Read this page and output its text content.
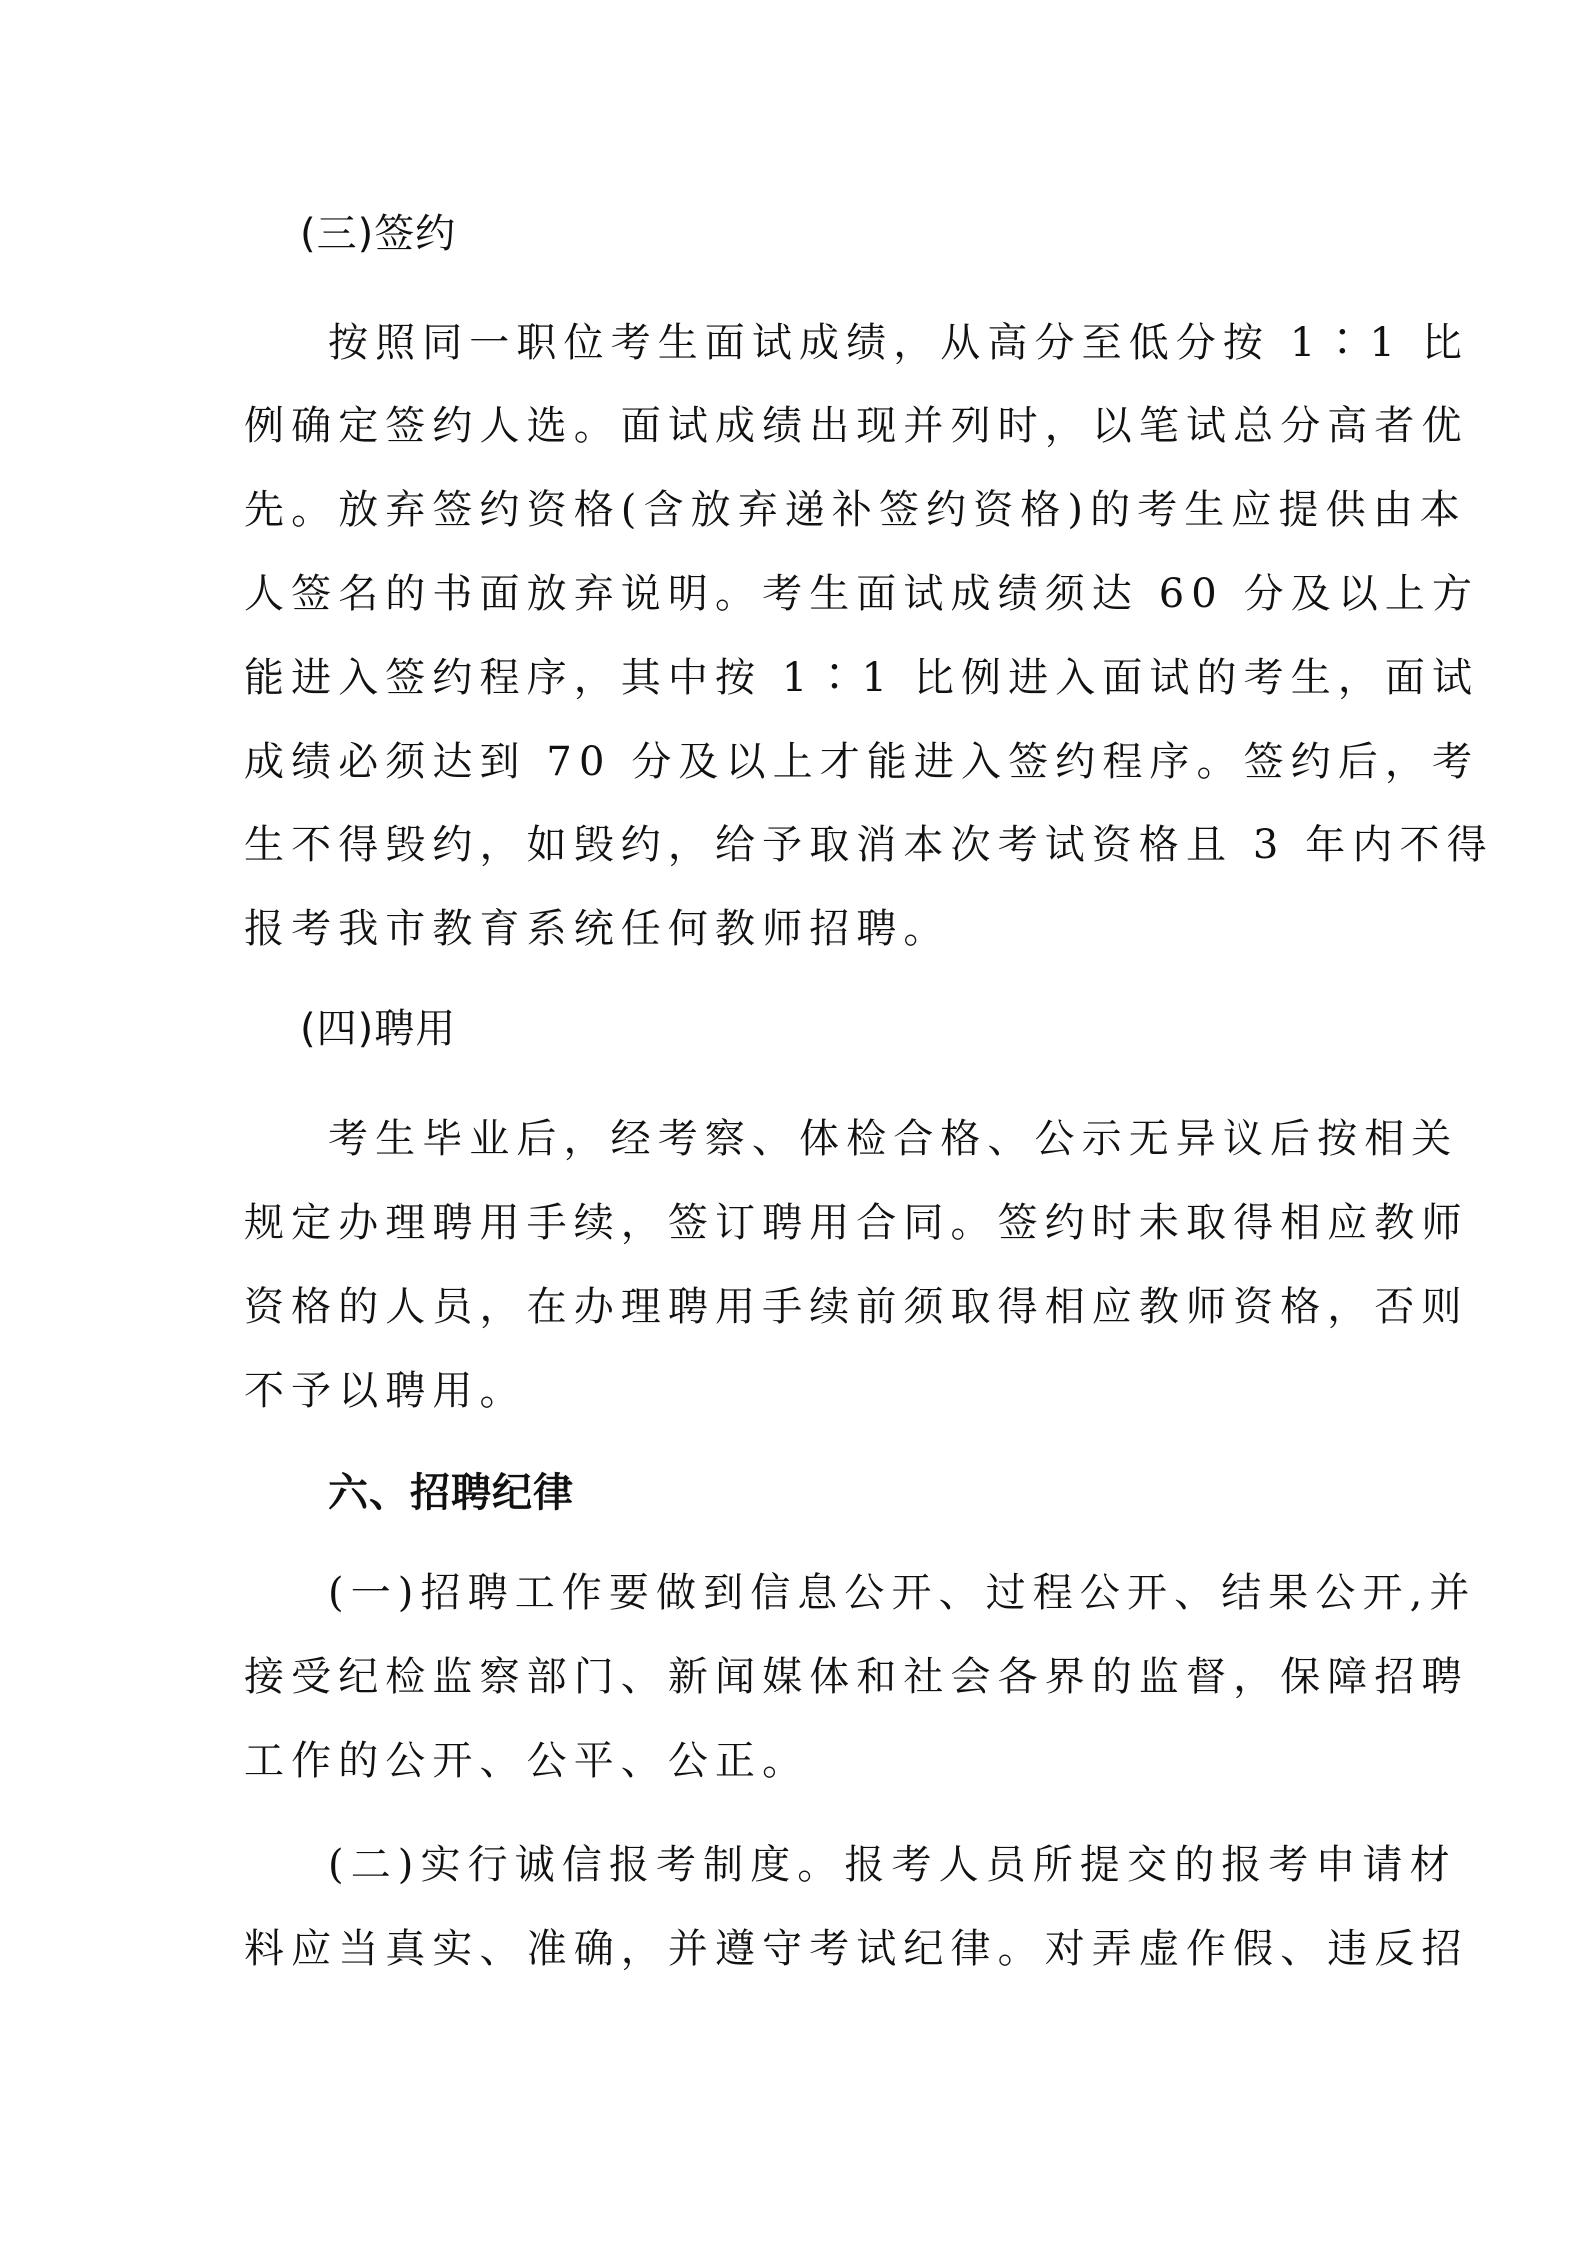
(三)签约

按照同一职位考生面试成绩，从高分至低分按 1∶1 比

例确定签约人选。面试成绩出现并列时，以笔试总分高者优

先。放弃签约资格(含放弃递补签约资格)的考生应提供由本

人签名的书面放弃说明。考生面试成绩须达 60 分及以上方

能进入签约程序，其中按 1∶1 比例进入面试的考生，面试

成绩必须达到 70 分及以上才能进入签约程序。签约后，考

生不得毁约，如毁约，给予取消本次考试资格且 3 年内不得

报考我市教育系统任何教师招聘。

(四)聘用

考生毕业后，经考察、体检合格、公示无异议后按相关

规定办理聘用手续，签订聘用合同。签约时未取得相应教师

资格的人员，在办理聘用手续前须取得相应教师资格，否则

不予以聘用。

六、招聘纪律

(一)招聘工作要做到信息公开、过程公开、结果公开,并

接受纪检监察部门、新闻媒体和社会各界的监督，保障招聘

工作的公开、公平、公正。

(二)实行诚信报考制度。报考人员所提交的报考申请材

料应当真实、准确，并遵守考试纪律。对弄虚作假、违反招
